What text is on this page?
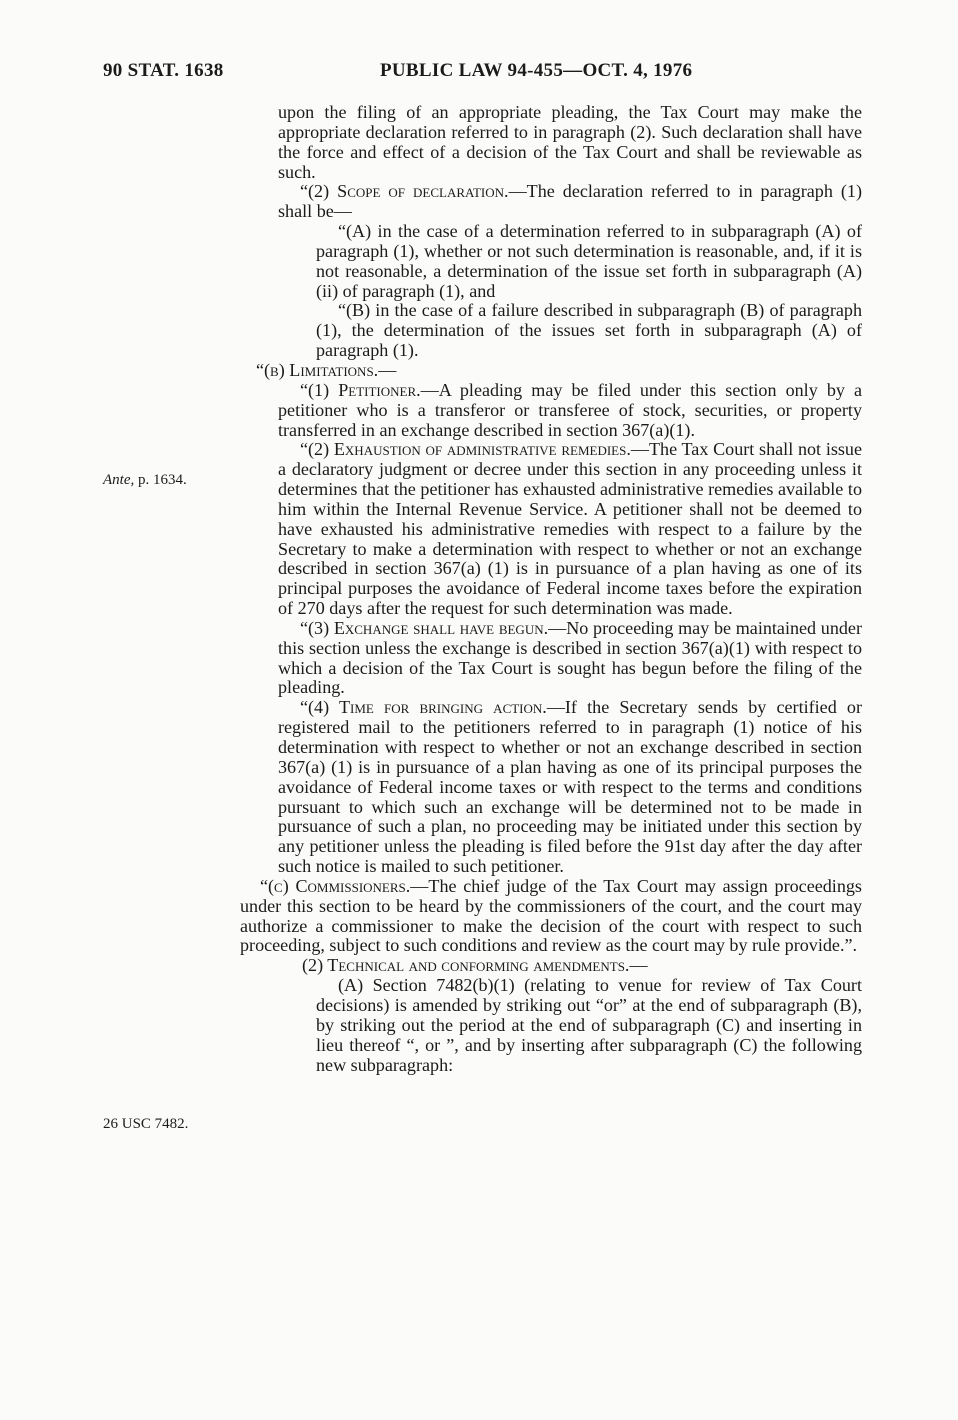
90 STAT. 1638	PUBLIC LAW 94-455—OCT. 4, 1976
Ante, p. 1634.
26 USC 7482.

upon the filing of an appropriate pleading, the Tax Court may make the appropriate declaration referred to in paragraph (2). Such declaration shall have the force and effect of a decision of the Tax Court and shall be reviewable as such.

“(2) Scope of declaration.—The declaration referred to in paragraph (1) shall be—

“(A) in the case of a determination referred to in subparagraph (A) of paragraph (1), whether or not such determination is reasonable, and, if it is not reasonable, a determination of the issue set forth in subparagraph (A) (ii) of paragraph (1), and

“(B) in the case of a failure described in subparagraph (B) of paragraph (1), the determination of the issues set forth in subparagraph (A) of paragraph (1).

“(b) Limitations.—

“(1) Petitioner.—A pleading may be filed under this section only by a petitioner who is a transferor or transferee of stock, securities, or property transferred in an exchange described in section 367(a)(1).

“(2) Exhaustion of administrative remedies.—The Tax Court shall not issue a declaratory judgment or decree under this section in any proceeding unless it determines that the petitioner has exhausted administrative remedies available to him within the Internal Revenue Service. A petitioner shall not be deemed to have exhausted his administrative remedies with respect to a failure by the Secretary to make a determination with respect to whether or not an exchange described in section 367(a) (1) is in pursuance of a plan having as one of its principal purposes the avoidance of Federal income taxes before the expiration of 270 days after the request for such determination was made.

“(3) Exchange shall have begun.—No proceeding may be maintained under this section unless the exchange is described in section 367(a)(1) with respect to which a decision of the Tax Court is sought has begun before the filing of the pleading.

“(4) Time for bringing action.—If the Secretary sends by certified or registered mail to the petitioners referred to in paragraph (1) notice of his determination with respect to whether or not an exchange described in section 367(a) (1) is in pursuance of a plan having as one of its principal purposes the avoidance of Federal income taxes or with respect to the terms and conditions pursuant to which such an exchange will be determined not to be made in pursuance of such a plan, no proceeding may be initiated under this section by any petitioner unless the pleading is filed before the 91st day after the day after such notice is mailed to such petitioner.

“(c) Commissioners.—The chief judge of the Tax Court may assign proceedings under this section to be heard by the commissioners of the court, and the court may authorize a commissioner to make the decision of the court with respect to such proceeding, subject to such conditions and review as the court may by rule provide.”.

(2) Technical and conforming amendments.—

(A) Section 7482(b)(1) (relating to venue for review of Tax Court decisions) is amended by striking out “or” at the end of subparagraph (B), by striking out the period at the end of subparagraph (C) and inserting in lieu thereof “, or ”, and by inserting after subparagraph (C) the following new subparagraph:
